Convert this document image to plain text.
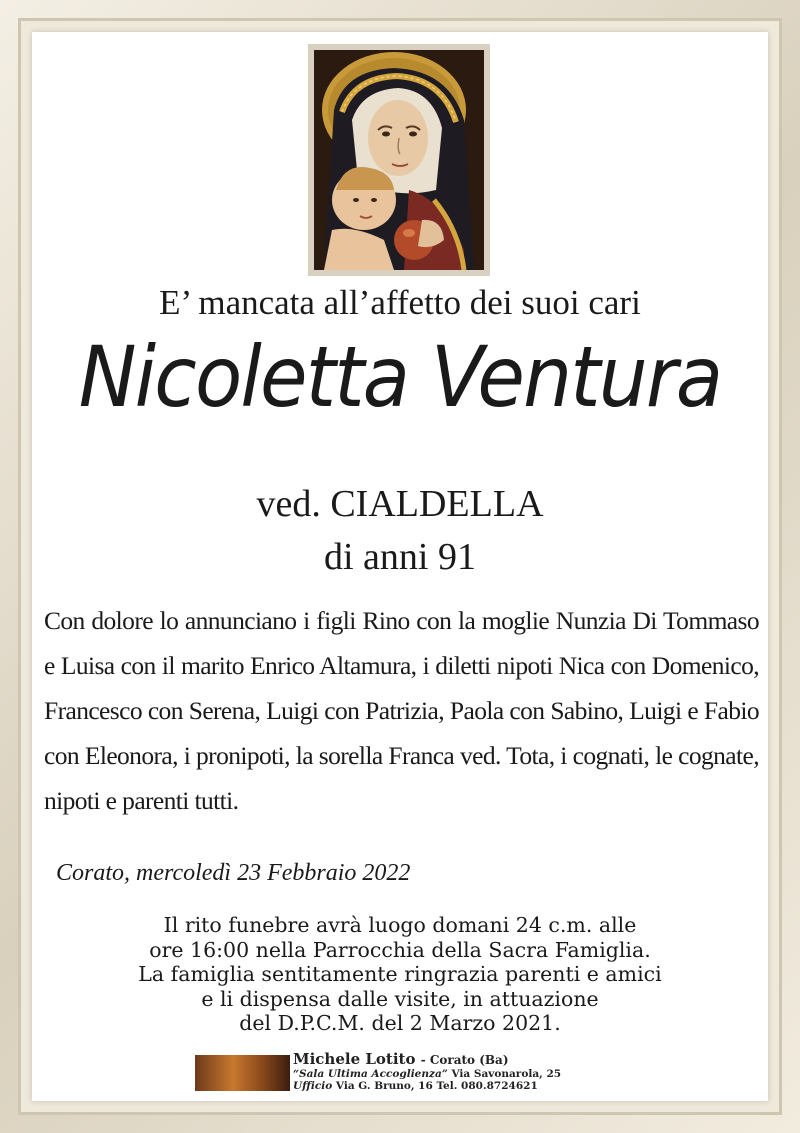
E’ mancata all’affetto dei suoi cari
Nicoletta Ventura
ved. CIALDELLA
di anni 91
Con dolore lo annunciano i figli Rino con la moglie Nunzia Di Tommaso e Luisa con il marito Enrico Altamura, i diletti nipoti Nica con Domenico, Francesco con Serena, Luigi con Patrizia, Paola con Sabino, Luigi e Fabio con Eleonora, i pronipoti, la sorella Franca ved. Tota, i cognati, le cognate, nipoti e parenti tutti.
Corato, mercoledì 23 Febbraio 2022
Il rito funebre avrà luogo domani 24 c.m. alle
ore 16:00 nella Parrocchia della Sacra Famiglia.
La famiglia sentitamente ringrazia parenti e amici
e li dispensa dalle visite, in attuazione
del D.P.C.M. del 2 Marzo 2021.
Michele Lotito - Corato (Ba)
“Sala Ultima Accoglienza” Via Savonarola, 25
Ufficio Via G. Bruno, 16 Tel. 080.8724621
